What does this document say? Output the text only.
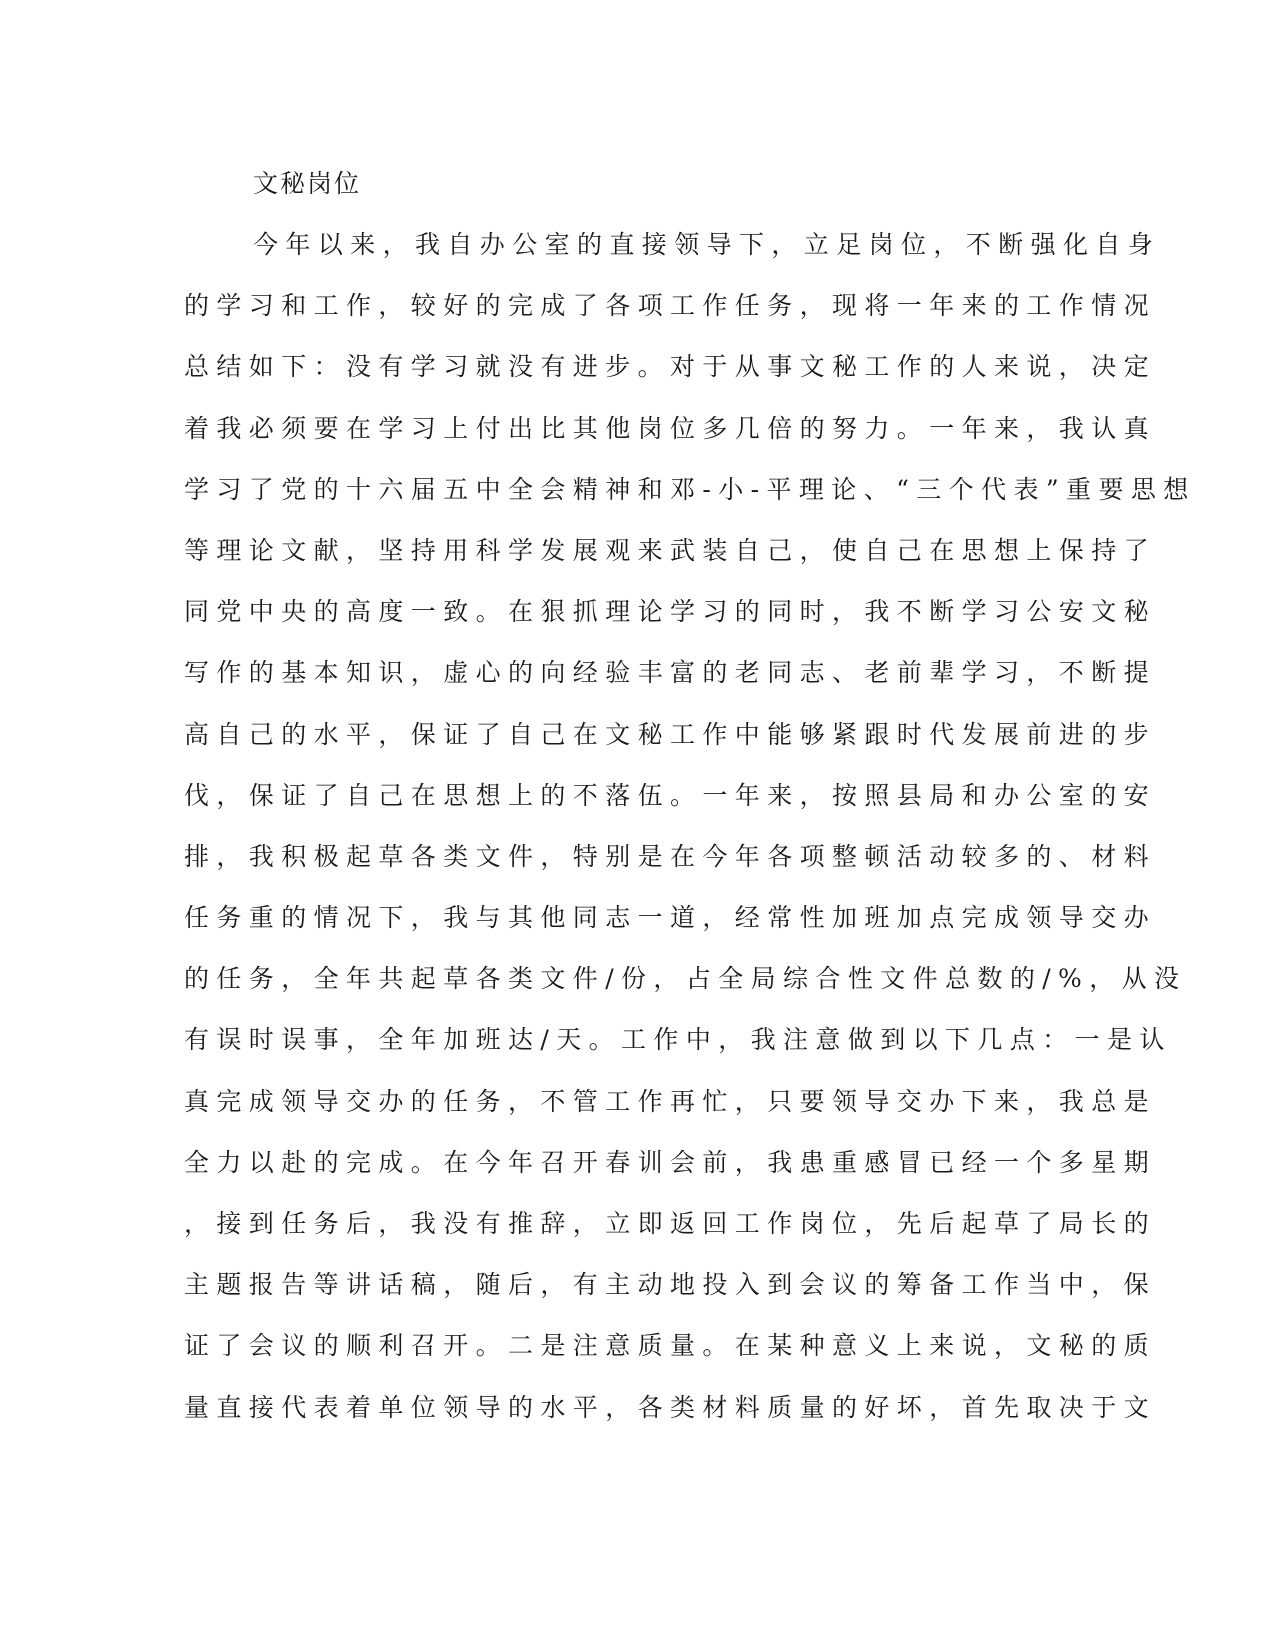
文秘岗位
今年以来，我自办公室的直接领导下，立足岗位，不断强化自身
的学习和工作，较好的完成了各项工作任务，现将一年来的工作情况
总结如下：没有学习就没有进步。对于从事文秘工作的人来说，决定
着我必须要在学习上付出比其他岗位多几倍的努力。一年来，我认真
学习了党的十六届五中全会精神和邓-小-平理论、“三个代表”重要思想
等理论文献，坚持用科学发展观来武装自己，使自己在思想上保持了
同党中央的高度一致。在狠抓理论学习的同时，我不断学习公安文秘
写作的基本知识，虚心的向经验丰富的老同志、老前辈学习，不断提
高自己的水平，保证了自己在文秘工作中能够紧跟时代发展前进的步
伐，保证了自己在思想上的不落伍。一年来，按照县局和办公室的安
排，我积极起草各类文件，特别是在今年各项整顿活动较多的、材料
任务重的情况下，我与其他同志一道，经常性加班加点完成领导交办
的任务，全年共起草各类文件/份，占全局综合性文件总数的/%，从没
有误时误事，全年加班达/天。工作中，我注意做到以下几点：一是认
真完成领导交办的任务，不管工作再忙，只要领导交办下来，我总是
全力以赴的完成。在今年召开春训会前，我患重感冒已经一个多星期
，接到任务后，我没有推辞，立即返回工作岗位，先后起草了局长的
主题报告等讲话稿，随后，有主动地投入到会议的筹备工作当中，保
证了会议的顺利召开。二是注意质量。在某种意义上来说，文秘的质
量直接代表着单位领导的水平，各类材料质量的好坏，首先取决于文
